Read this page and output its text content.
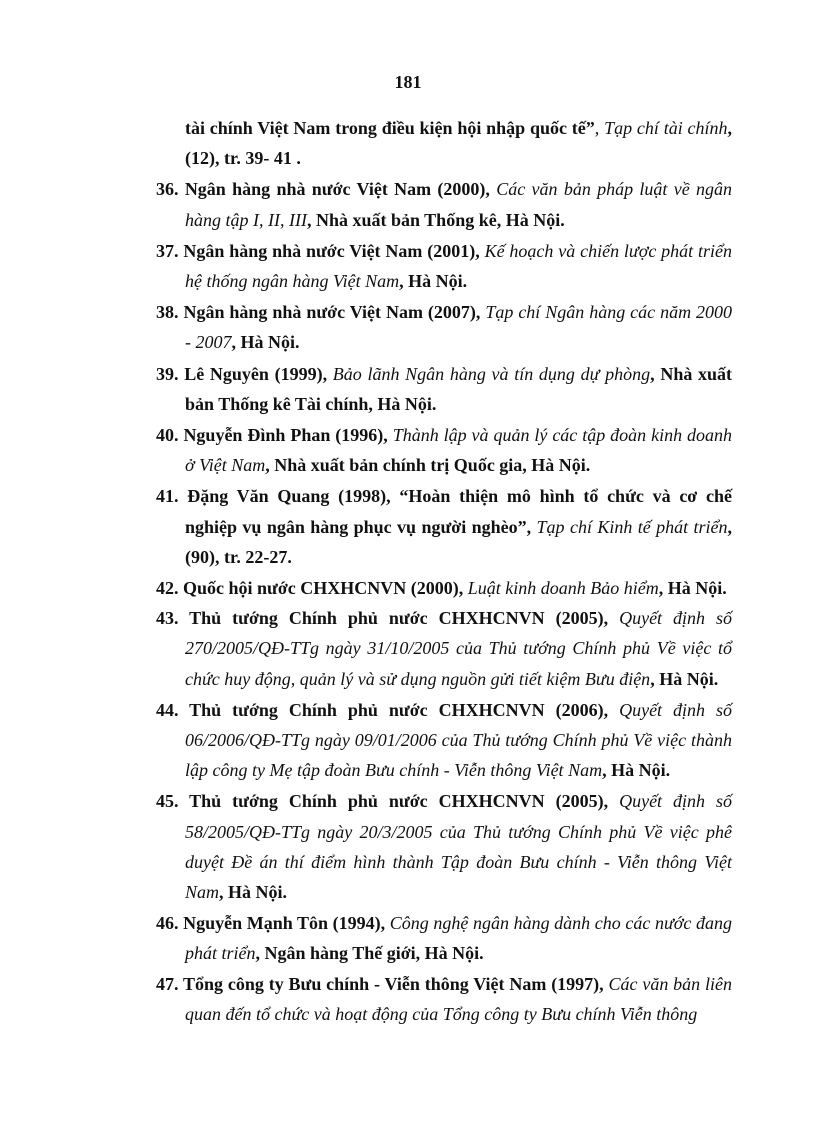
181
tài chính Việt Nam trong điều kiện hội nhập quốc tế”, Tạp chí tài chính, (12), tr. 39- 41 .
36. Ngân hàng nhà nước Việt Nam (2000), Các văn bản pháp luật về ngân hàng tập I, II, III, Nhà xuất bản Thống kê, Hà Nội.
37. Ngân hàng nhà nước Việt Nam (2001), Kế hoạch và chiến lược phát triển hệ thống ngân hàng Việt Nam, Hà Nội.
38. Ngân hàng nhà nước Việt Nam (2007), Tạp chí Ngân hàng các năm 2000 - 2007, Hà Nội.
39. Lê Nguyên (1999), Bảo lãnh Ngân hàng và tín dụng dự phòng, Nhà xuất bản Thống kê Tài chính, Hà Nội.
40. Nguyễn Đình Phan (1996), Thành lập và quản lý các tập đoàn kinh doanh ở Việt Nam, Nhà xuất bản chính trị Quốc gia, Hà Nội.
41. Đặng Văn Quang (1998), “Hoàn thiện mô hình tổ chức và cơ chế nghiệp vụ ngân hàng phục vụ người nghèo”, Tạp chí Kinh tế phát triển, (90), tr. 22-27.
42. Quốc hội nước CHXHCNVN (2000), Luật kinh doanh Bảo hiểm, Hà Nội.
43. Thủ tướng Chính phủ nước CHXHCNVN (2005), Quyết định số 270/2005/QĐ-TTg ngày 31/10/2005 của Thủ tướng Chính phủ Về việc tổ chức huy động, quản lý và sử dụng nguồn gửi tiết kiệm Bưu điện, Hà Nội.
44. Thủ tướng Chính phủ nước CHXHCNVN (2006), Quyết định số 06/2006/QĐ-TTg ngày 09/01/2006 của Thủ tướng Chính phủ Về việc thành lập công ty Mẹ tập đoàn Bưu chính - Viễn thông Việt Nam, Hà Nội.
45. Thủ tướng Chính phủ nước CHXHCNVN (2005), Quyết định số 58/2005/QĐ-TTg ngày 20/3/2005 của Thủ tướng Chính phủ Về việc phê duyệt Đề án thí điểm hình thành Tập đoàn Bưu chính - Viễn thông Việt Nam, Hà Nội.
46. Nguyễn Mạnh Tôn (1994), Công nghệ ngân hàng dành cho các nước đang phát triển, Ngân hàng Thế giới, Hà Nội.
47. Tổng công ty Bưu chính - Viễn thông Việt Nam (1997), Các văn bản liên quan đến tổ chức và hoạt động của Tổng công ty Bưu chính Viễn thông
